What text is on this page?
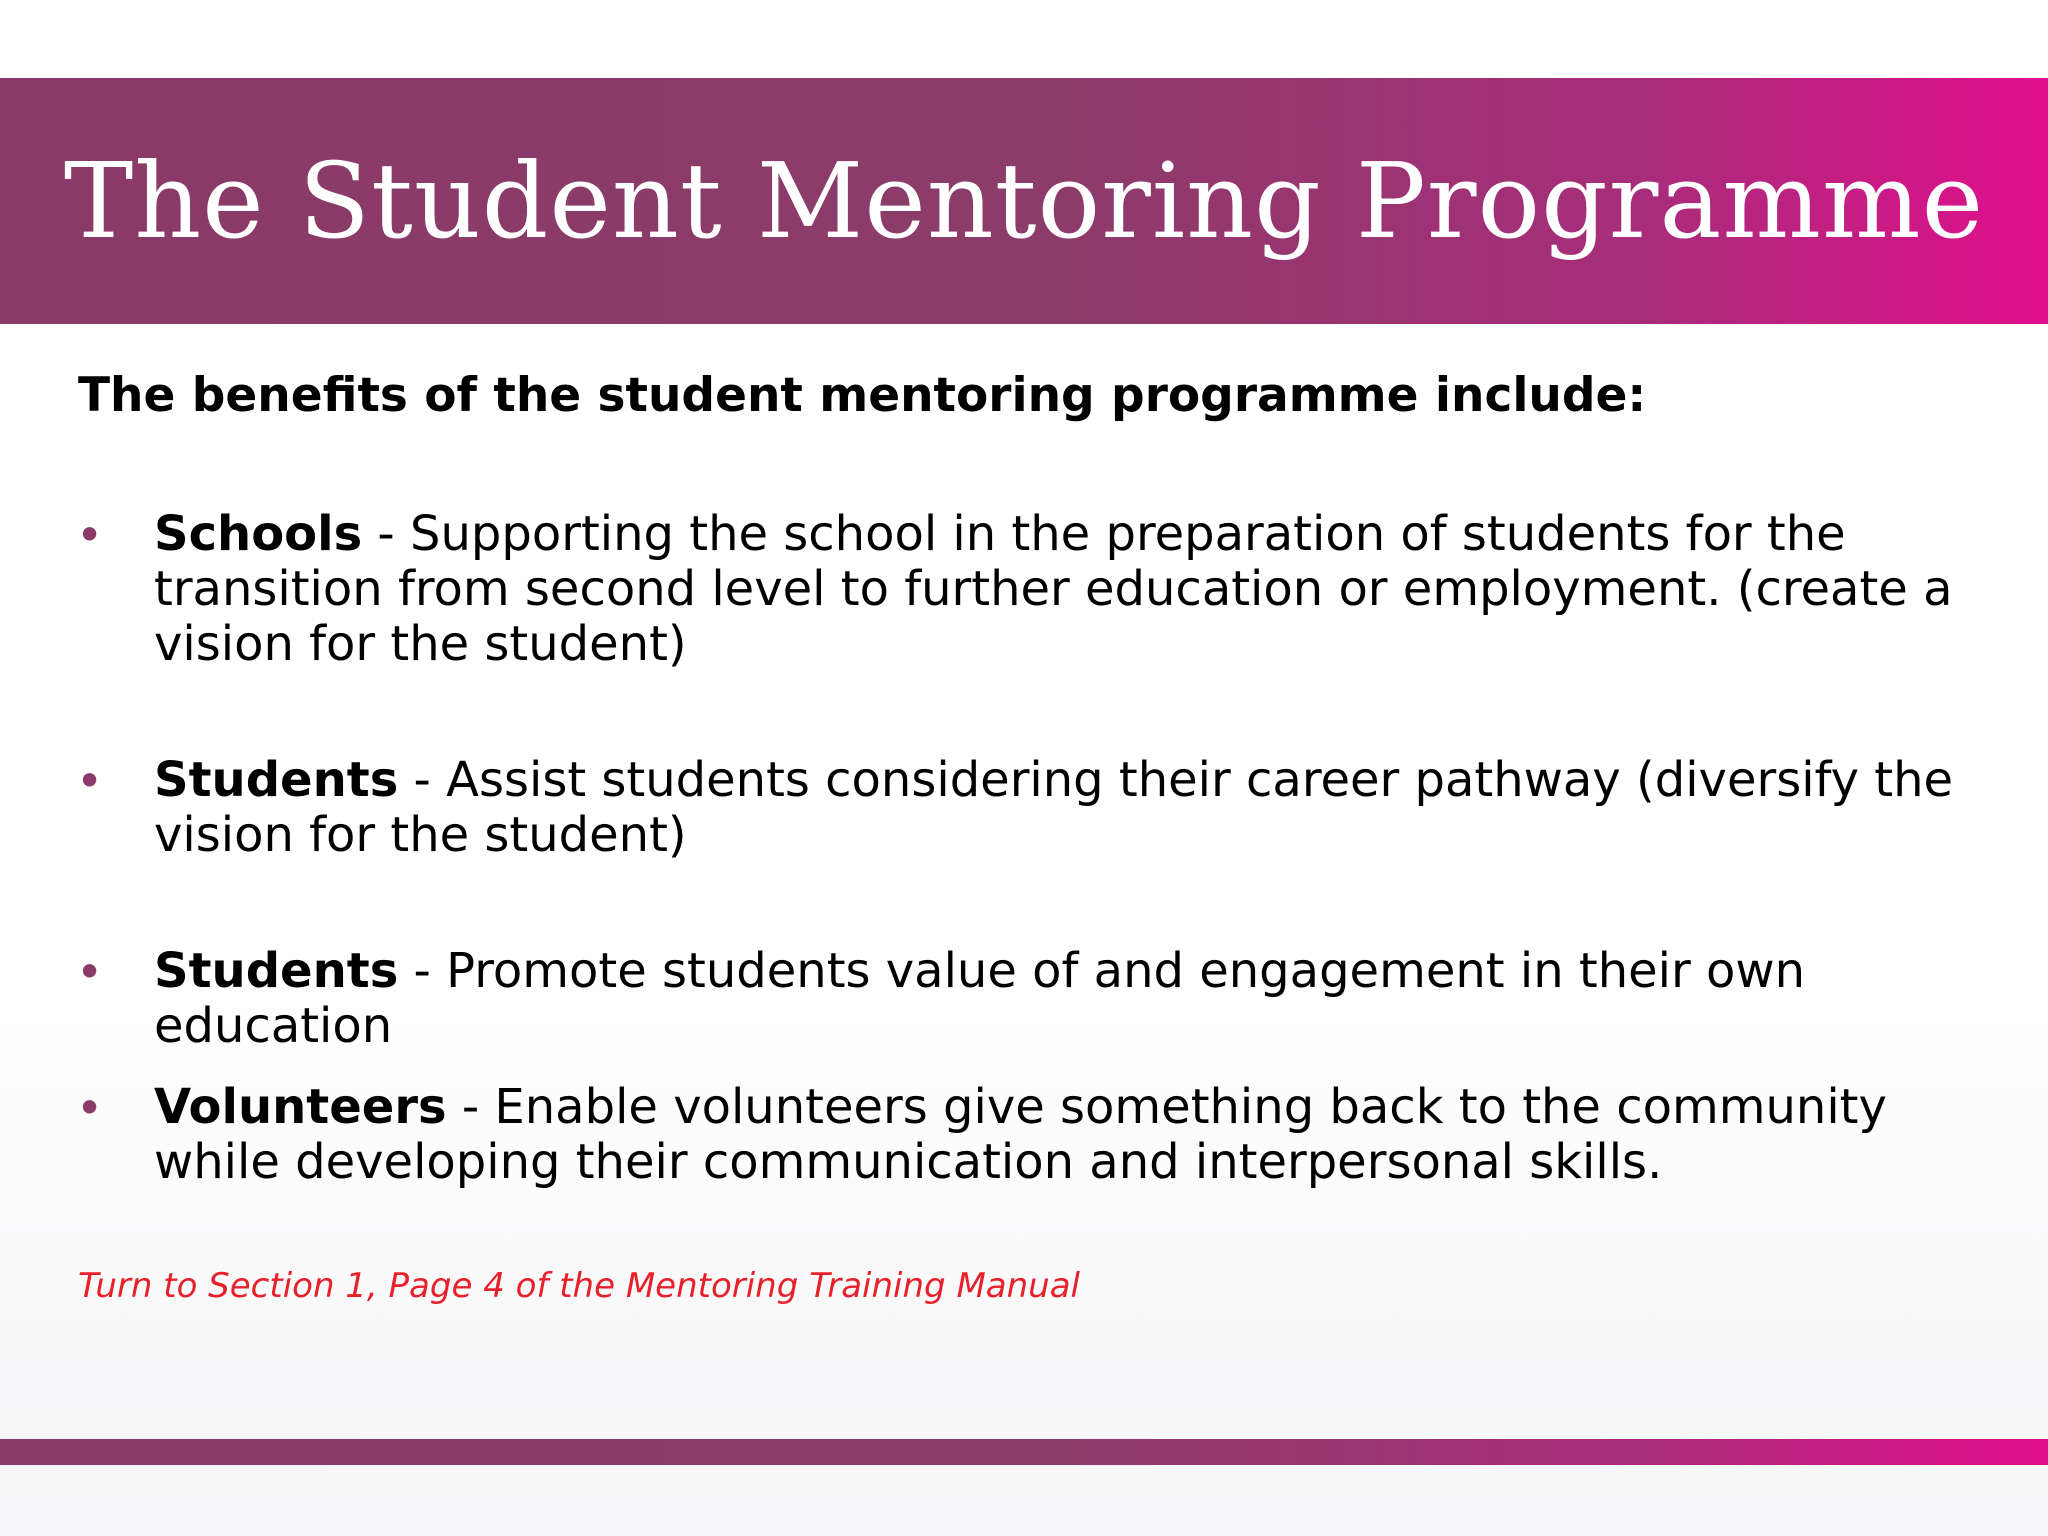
The Student Mentoring Programme

The benefits of the student mentoring programme include:

• Schools - Supporting the school in the preparation of students for the transition from second level to further education or employment. (create a vision for the student)
• Students - Assist students considering their career pathway (diversify the vision for the student)
• Students - Promote students value of and engagement in their own education
• Volunteers - Enable volunteers give something back to the community while developing their communication and interpersonal skills.

Turn to Section 1, Page 4 of the Mentoring Training Manual
